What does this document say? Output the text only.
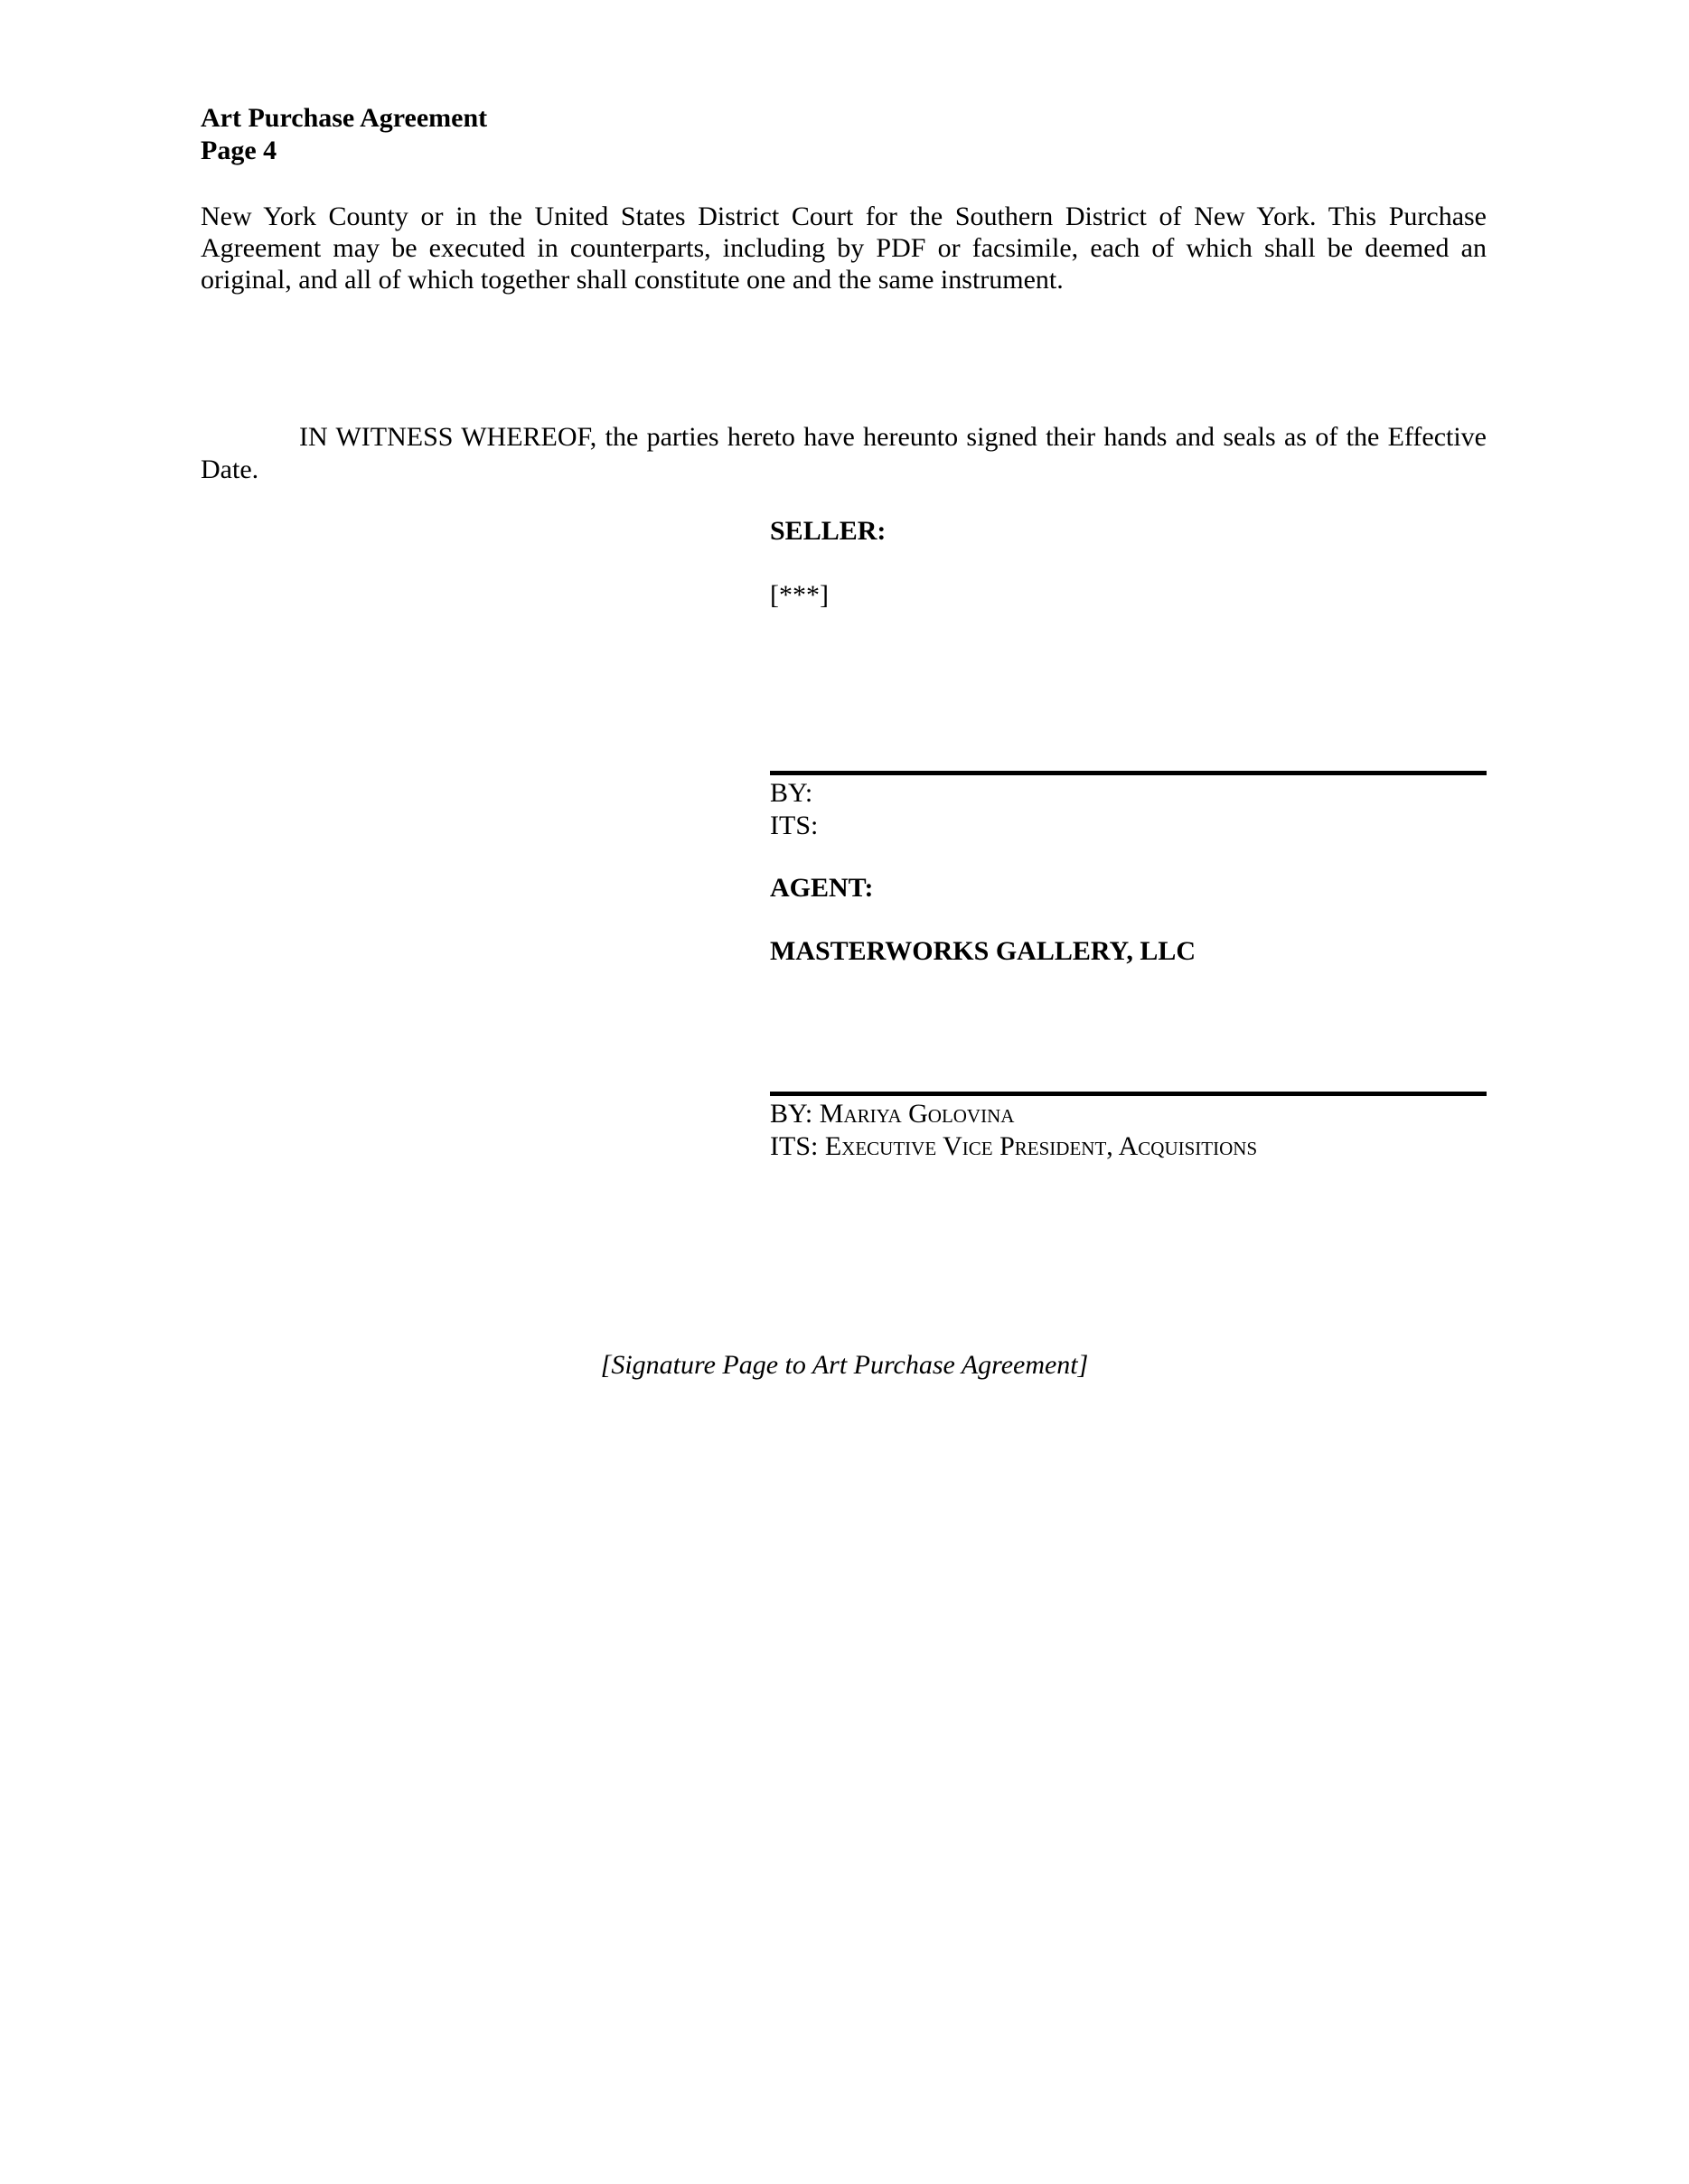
Art Purchase Agreement
Page 4
New York County or in the United States District Court for the Southern District of New York. This Purchase Agreement may be executed in counterparts, including by PDF or facsimile, each of which shall be deemed an original, and all of which together shall constitute one and the same instrument.
IN WITNESS WHEREOF, the parties hereto have hereunto signed their hands and seals as of the Effective Date.
SELLER:
[***]
BY:
ITS:
AGENT:
MASTERWORKS GALLERY, LLC
BY: Mariya Golovina
ITS: Executive Vice President, Acquisitions
[Signature Page to Art Purchase Agreement]
